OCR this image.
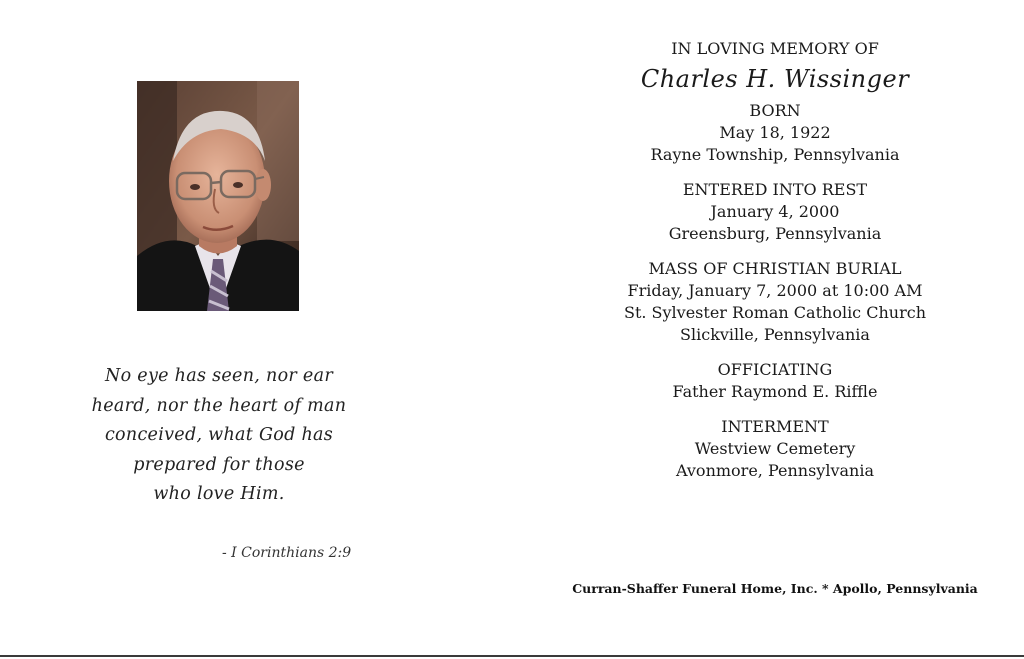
No eye has seen, nor ear
heard, nor the heart of man
conceived, what God has
prepared for those
who love Him.
- I Corinthians 2:9
IN LOVING MEMORY OF
Charles H. Wissinger
BORN
May 18, 1922
Rayne Township, Pennsylvania
ENTERED INTO REST
January 4, 2000
Greensburg, Pennsylvania
MASS OF CHRISTIAN BURIAL
Friday, January 7, 2000 at 10:00 AM
St. Sylvester Roman Catholic Church
Slickville, Pennsylvania
OFFICIATING
Father Raymond E. Riffle
INTERMENT
Westview Cemetery
Avonmore, Pennsylvania
Curran-Shaffer Funeral Home, Inc. * Apollo, Pennsylvania
